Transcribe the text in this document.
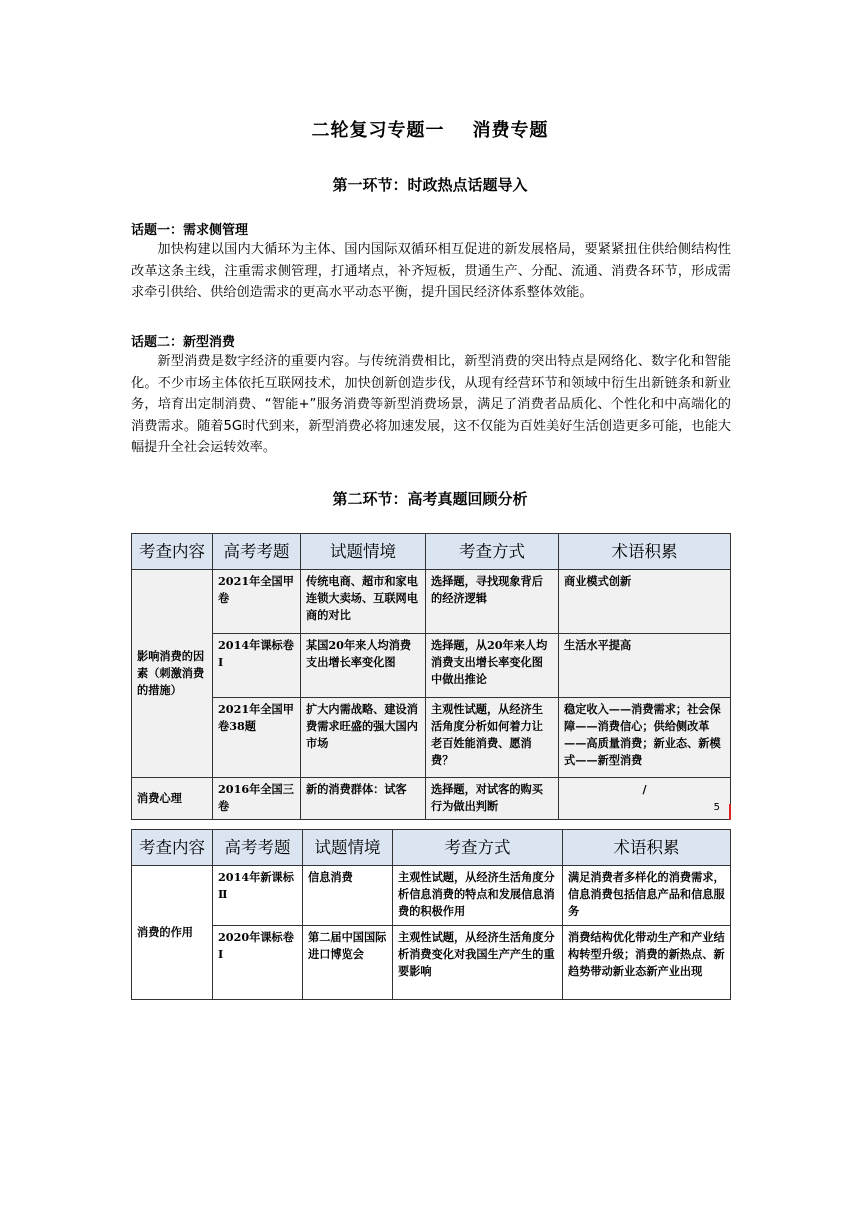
二轮复习专题一 消费专题
第一环节：时政热点话题导入
话题一：需求侧管理

加快构建以国内大循环为主体、国内国际双循环相互促进的新发展格局，要紧紧扭住供给侧结构性改革这条主线，注重需求侧管理，打通堵点，补齐短板，贯通生产、分配、流通、消费各环节，形成需求牵引供给、供给创造需求的更高水平动态平衡，提升国民经济体系整体效能。

话题二：新型消费

新型消费是数字经济的重要内容。与传统消费相比，新型消费的突出特点是网络化、数字化和智能化。不少市场主体依托互联网技术，加快创新创造步伐，从现有经营环节和领域中衍生出新链条和新业务，培育出定制消费、“智能+”服务消费等新型消费场景，满足了消费者品质化、个性化和中高端化的消费需求。随着5G时代到来，新型消费必将加速发展，这不仅能为百姓美好生活创造更多可能，也能大幅提升全社会运转效率。

第二环节：高考真题回顾分析
考查内容	高考考题	试题情境	考查方式	术语积累
影响消费的因素（刺激消费的措施）	2021年全国甲卷	传统电商、超市和家电连锁大卖场、互联网电商的对比	选择题，寻找现象背后的经济逻辑	商业模式创新
	2014年课标卷Ⅰ	某国20年来人均消费支出增长率变化图	选择题，从20年来人均消费支出增长率变化图中做出推论	生活水平提高
	2021年全国甲卷38题	扩大内需战略、建设消费需求旺盛的强大国内市场	主观性试题，从经济生活角度分析如何着力让老百姓能消费、愿消费？	稳定收入——消费需求；社会保障——消费信心；供给侧改革——高质量消费；新业态、新模式——新型消费
消费心理	2016年全国三卷	新的消费群体：试客	选择题，对试客的购买行为做出判断	/
5
考查内容	高考考题	试题情境	考查方式	术语积累
消费的作用	2014年新课标Ⅱ	信息消费	主观性试题，从经济生活角度分析信息消费的特点和发展信息消费的积极作用	满足消费者多样化的消费需求，信息消费包括信息产品和信息服务
	2020年课标卷Ⅰ	第二届中国国际进口博览会	主观性试题，从经济生活角度分析消费变化对我国生产产生的重要影响	消费结构优化带动生产和产业结构转型升级；消费的新热点、新趋势带动新业态新产业出现
